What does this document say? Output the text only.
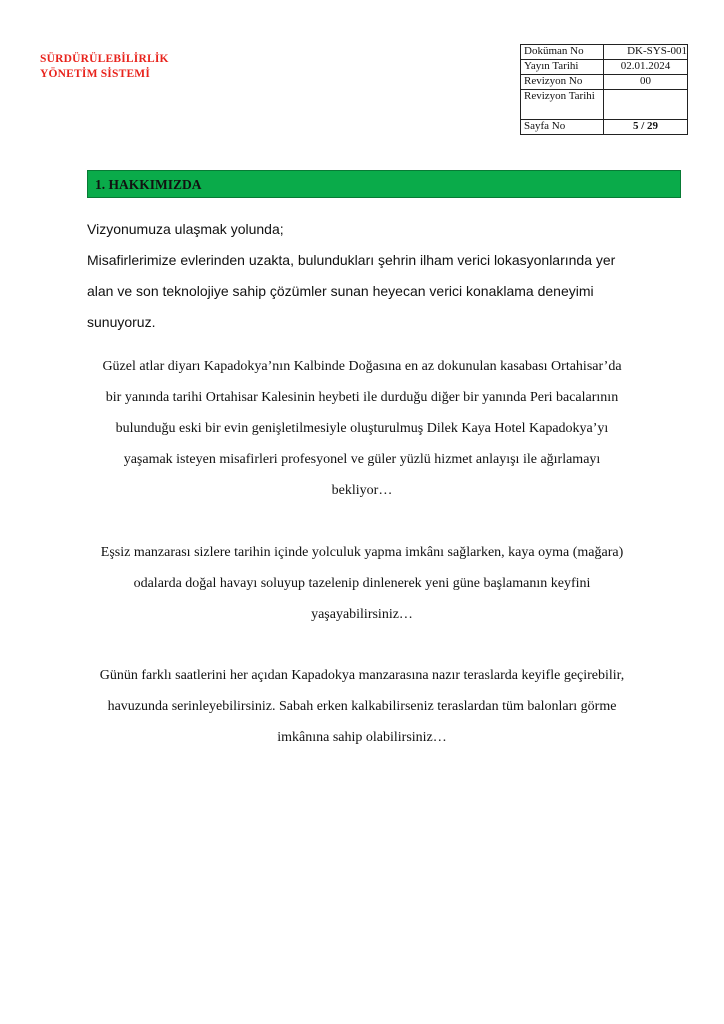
SÜRDÜRÜLEBİLİRLİK
YÖNETİM SİSTEMİ
Doküman No	DK-SYS-001
Yayın Tarihi	02.01.2024
Revizyon No	00
Revizyon Tarihi	
Sayfa No	5 / 29
1. HAKKIMIZDA

Vizyonumuza ulaşmak yolunda;

Misafirlerimize evlerinden uzakta, bulundukları şehrin ilham verici lokasyonlarında yer

alan ve son teknolojiye sahip çözümler sunan heyecan verici konaklama deneyimi

sunuyoruz.

Güzel atlar diyarı Kapadokya’nın Kalbinde Doğasına en az dokunulan kasabası Ortahisar’da

bir yanında tarihi Ortahisar Kalesinin heybeti ile durduğu diğer bir yanında Peri bacalarının

bulunduğu eski bir evin genişletilmesiyle oluşturulmuş Dilek Kaya Hotel Kapadokya’yı

yaşamak isteyen misafirleri profesyonel ve güler yüzlü hizmet anlayışı ile ağırlamayı

bekliyor…

Eşsiz manzarası sizlere tarihin içinde yolculuk yapma imkânı sağlarken, kaya oyma (mağara)

odalarda doğal havayı soluyup tazelenip dinlenerek yeni güne başlamanın keyfini

yaşayabilirsiniz…

Günün farklı saatlerini her açıdan Kapadokya manzarasına nazır teraslarda keyifle geçirebilir,

havuzunda serinleyebilirsiniz. Sabah erken kalkabilirseniz teraslardan tüm balonları görme

imkânına sahip olabilirsiniz…
